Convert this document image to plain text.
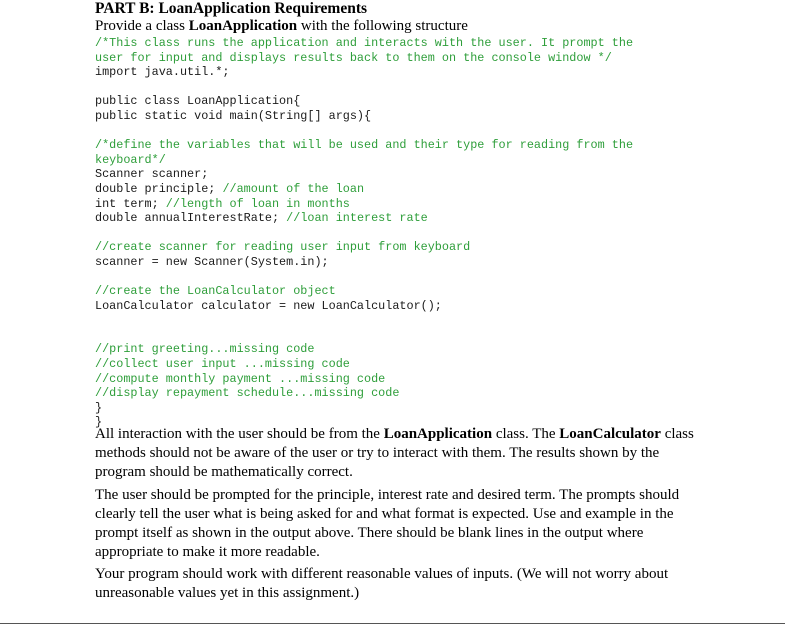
PART B: LoanApplication Requirements

Provide a class LoanApplication with the following structure

/*This class runs the application and interacts with the user. It prompt the
user for input and displays results back to them on the console window */
import java.util.*;
public class LoanApplication{
public static void main(String[] args){
/*define the variables that will be used and their type for reading from the
keyboard*/
Scanner scanner;
double principle; //amount of the loan
int term; //length of loan in months
double annualInterestRate; //loan interest rate
//create scanner for reading user input from keyboard
scanner = new Scanner(System.in);
//create the LoanCalculator object
LoanCalculator calculator = new LoanCalculator();
//print greeting...missing code
//collect user input ...missing code
//compute monthly payment ...missing code
//display repayment schedule...missing code
}
}

All interaction with the user should be from the LoanApplication class. The LoanCalculator class methods should not be aware of the user or try to interact with them. The results shown by the program should be mathematically correct.

The user should be prompted for the principle, interest rate and desired term. The prompts should clearly tell the user what is being asked for and what format is expected. Use and example in the prompt itself as shown in the output above. There should be blank lines in the output where appropriate to make it more readable.

Your program should work with different reasonable values of inputs. (We will not worry about unreasonable values yet in this assignment.)
